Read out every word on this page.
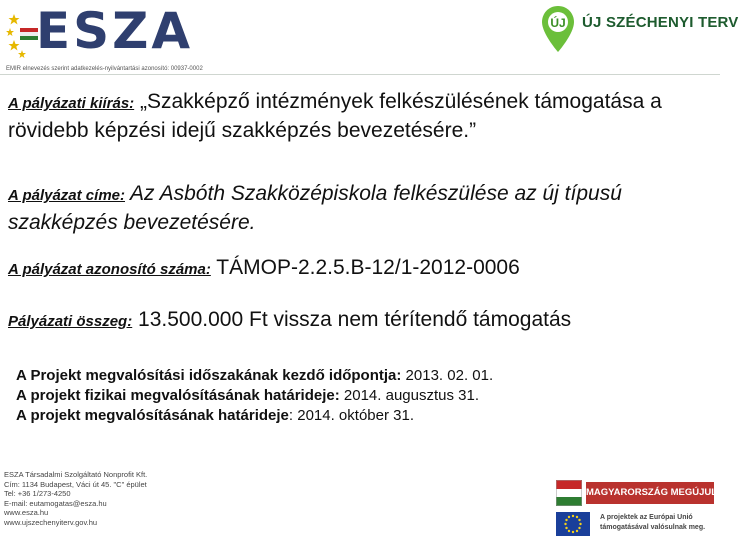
ESZA
EMIR elnevezés szerint adatkezelés-nyilvántartási azonosító: 00937-0002
ÚJ ÚJ SZÉCHENYI TERV
A pályázati kiírás: „Szakképző intézmények felkészülésének támogatása a rövidebb képzési idejű szakképzés bevezetésére.”
A pályázat címe: Az Asbóth Szakközépiskola felkészülése az új típusú szakképzés bevezetésére.
A pályázat azonosító száma: TÁMOP-2.2.5.B-12/1-2012-0006
Pályázati összeg: 13.500.000 Ft vissza nem térítendő támogatás
A Projekt megvalósítási időszakának kezdő időpontja: 2013. 02. 01.
A projekt fizikai megvalósításának határideje: 2014. augusztus 31.
A projekt megvalósításának határideje: 2014. október 31.
ESZA Társadalmi Szolgáltató Nonprofit Kft.
Cím: 1134 Budapest, Váci út 45. "C" épület
Tel: +36 1/273-4250
E-mail: eutamogatas@esza.hu
www.esza.hu
www.ujszechenyiterv.gov.hu
MAGYARORSZÁG MEGÚJUL
A projektek az Európai Unió
támogatásával valósulnak meg.
